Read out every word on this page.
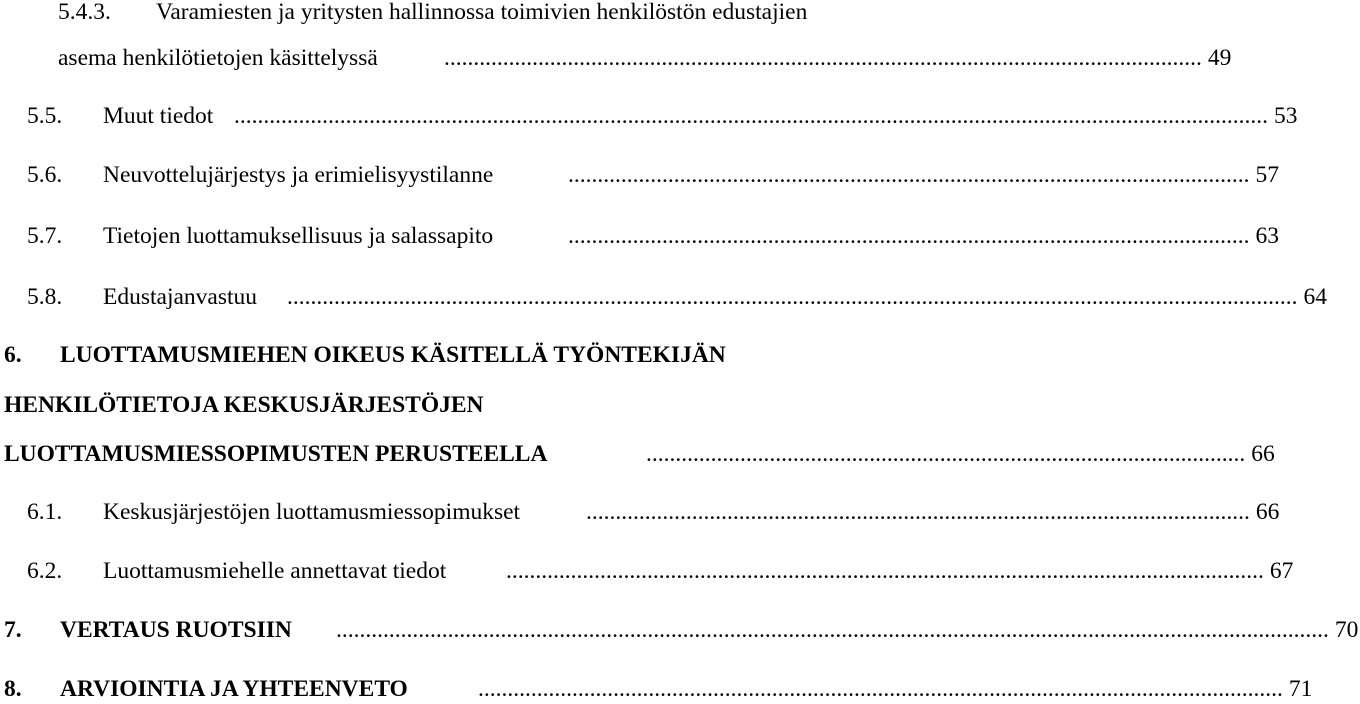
5.4.3. Varamiesten ja yritysten hallinnossa toimivien henkilöstön edustajien
asema henkilötietojen käsittelyssä	................................................................................................................................. 49
5.5. Muut tiedot ................................................................................................................................................................................ 53
5.6. Neuvottelujärjestys ja erimielisyystilanne	.................................................................................................................... 57
5.7. Tietojen luottamuksellisuus ja salassapito	.................................................................................................................... 63
5.8. Edustajanvastuu ............................................................................................................................................................................ 64
6. LUOTTAMUSMIEHEN OIKEUS KÄSITELLÄ TYÖNTEKIJÄN
HENKILÖTIETOJA KESKUSJÄRJESTÖJEN
LUOTTAMUSMIESSOPIMUSTEN PERUSTEELLA	...................................................................................................... 66
6.1. Keskusjärjestöjen luottamusmiessopimukset	................................................................................................................. 66
6.2. Luottamusmiehelle annettavat tiedot	................................................................................................................................. 67
7. VERTAUS RUOTSIIN ......................................................................................................................................................................... 70
8. ARVIOINTIA JA YHTEENVETO	......................................................................................................................................... 71
